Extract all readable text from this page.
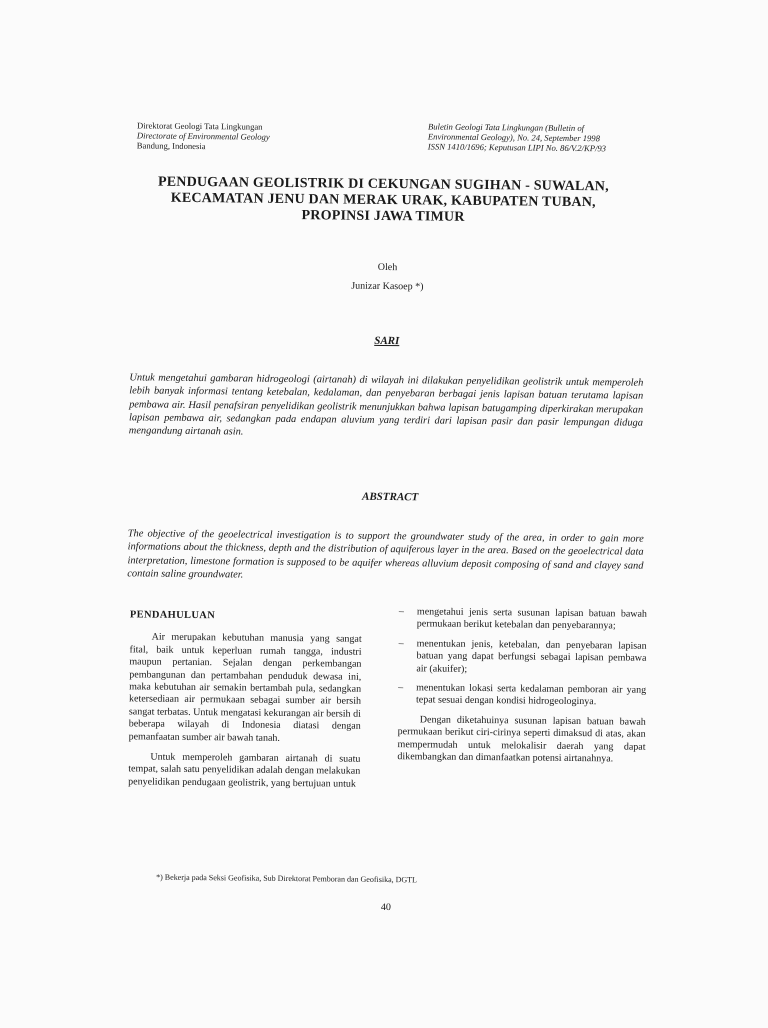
Direktorat Geologi Tata Lingkungan
Directorate of Environmental Geology
Bandung, Indonesia
Buletin Geologi Tata Lingkungan (Bulletin of
Environmental Geology), No. 24, September 1998
ISSN 1410/1696; Keputusan LIPI No. 86/V.2/KP/93
PENDUGAAN GEOLISTRIK DI CEKUNGAN SUGIHAN - SUWALAN,
KECAMATAN JENU DAN MERAK URAK, KABUPATEN TUBAN,
PROPINSI JAWA TIMUR
Oleh
Junizar Kasoep *)
SARI
Untuk mengetahui gambaran hidrogeologi (airtanah) di wilayah ini dilakukan penyelidikan geolistrik untuk memperoleh lebih banyak informasi tentang ketebalan, kedalaman, dan penyebaran berbagai jenis lapisan batuan terutama lapisan pembawa air. Hasil penafsiran penyelidikan geolistrik menunjukkan bahwa lapisan batugamping diperkirakan merupakan lapisan pembawa air, sedangkan pada endapan aluvium yang terdiri dari lapisan pasir dan pasir lempungan diduga mengandung airtanah asin.
ABSTRACT
The objective of the geoelectrical investigation is to support the groundwater study of the area, in order to gain more informations about the thickness, depth and the distribution of aquiferous layer in the area. Based on the geoelectrical data interpretation, limestone formation is supposed to be aquifer whereas alluvium deposit composing of sand and clayey sand contain saline groundwater.
PENDAHULUAN

Air merupakan kebutuhan manusia yang sangat fital, baik untuk keperluan rumah tangga, industri maupun pertanian. Sejalan dengan perkembangan pembangunan dan pertambahan penduduk dewasa ini, maka kebutuhan air semakin bertambah pula, sedangkan ketersediaan air permukaan sebagai sumber air bersih sangat terbatas. Untuk mengatasi kekurangan air bersih di beberapa wilayah di Indonesia diatasi dengan pemanfaatan sumber air bawah tanah.

Untuk memperoleh gambaran airtanah di suatu tempat, salah satu penyelidikan adalah dengan melakukan penyelidikan pendugaan geolistrik, yang bertujuan untuk

– mengetahui jenis serta susunan lapisan batuan bawah permukaan berikut ketebalan dan penyebarannya;
– menentukan jenis, ketebalan, dan penyebaran lapisan batuan yang dapat berfungsi sebagai lapisan pembawa air (akuifer);
– menentukan lokasi serta kedalaman pemboran air yang tepat sesuai dengan kondisi hidrogeologinya.

Dengan diketahuinya susunan lapisan batuan bawah permukaan berikut ciri-cirinya seperti dimaksud di atas, akan mempermudah untuk melokalisir daerah yang dapat dikembangkan dan dimanfaatkan potensi airtanahnya.

*) Bekerja pada Seksi Geofisika, Sub Direktorat Pemboran dan Geofisika, DGTL
40
